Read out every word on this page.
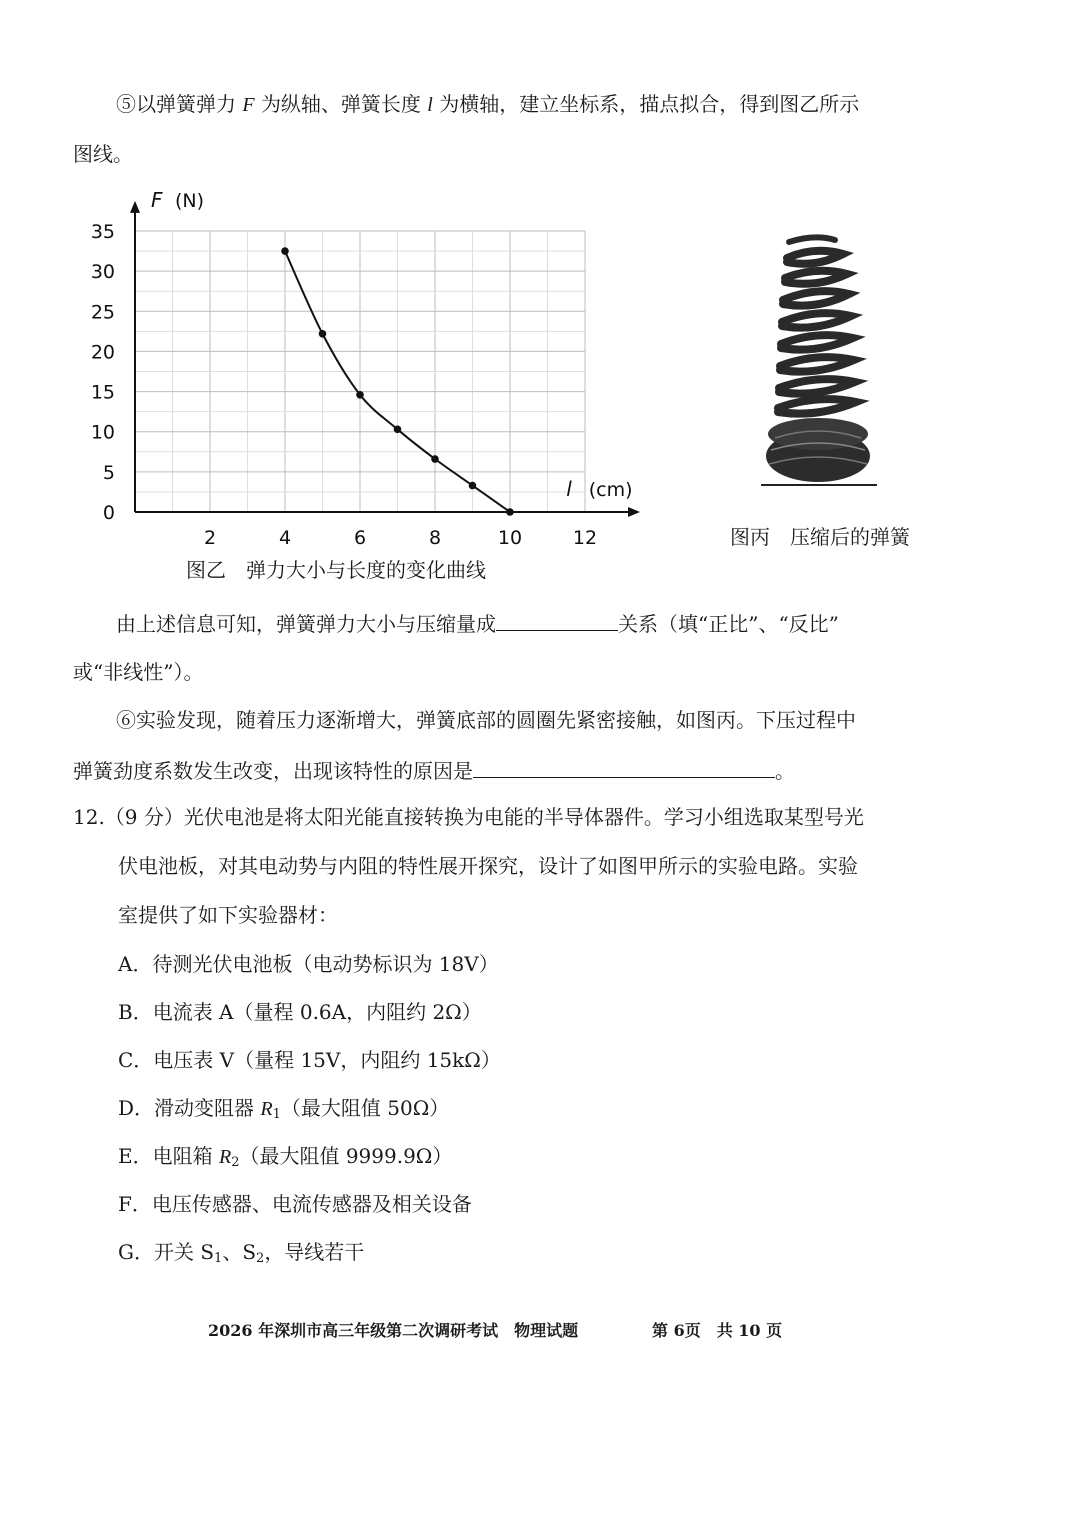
⑤以弹簧弹力 F 为纵轴、弹簧长度 l 为横轴，建立坐标系，描点拟合，得到图乙所示
图线。
2	4	6	8	10	12
0
5
10
15
20
25
30
35
F (N)
l (cm)
图乙　弹力大小与长度的变化曲线
图丙　压缩后的弹簧
由上述信息可知，弹簧弹力大小与压缩量成	关系（填“正比”、“反比”
或“非线性”）。
⑥实验发现，随着压力逐渐增大，弹簧底部的圆圈先紧密接触，如图丙。下压过程中
弹簧劲度系数发生改变，出现该特性的原因是	。
12.（9 分）光伏电池是将太阳光能直接转换为电能的半导体器件。学习小组选取某型号光
伏电池板，对其电动势与内阻的特性展开探究，设计了如图甲所示的实验电路。实验
室提供了如下实验器材：
A．待测光伏电池板（电动势标识为 18V）
B．电流表 A（量程 0.6A，内阻约 2Ω）
C．电压表 V（量程 15V，内阻约 15kΩ）
D．滑动变阻器 $R_1$（最大阻值 50Ω）
E．电阻箱 $R_2$（最大阻值 9999.9Ω）
F．电压传感器、电流传感器及相关设备
G．开关 $S_1$、$S_2$，导线若干
2026 年深圳市高三年级第二次调研考试　物理试题	第 6页　共 10 页
